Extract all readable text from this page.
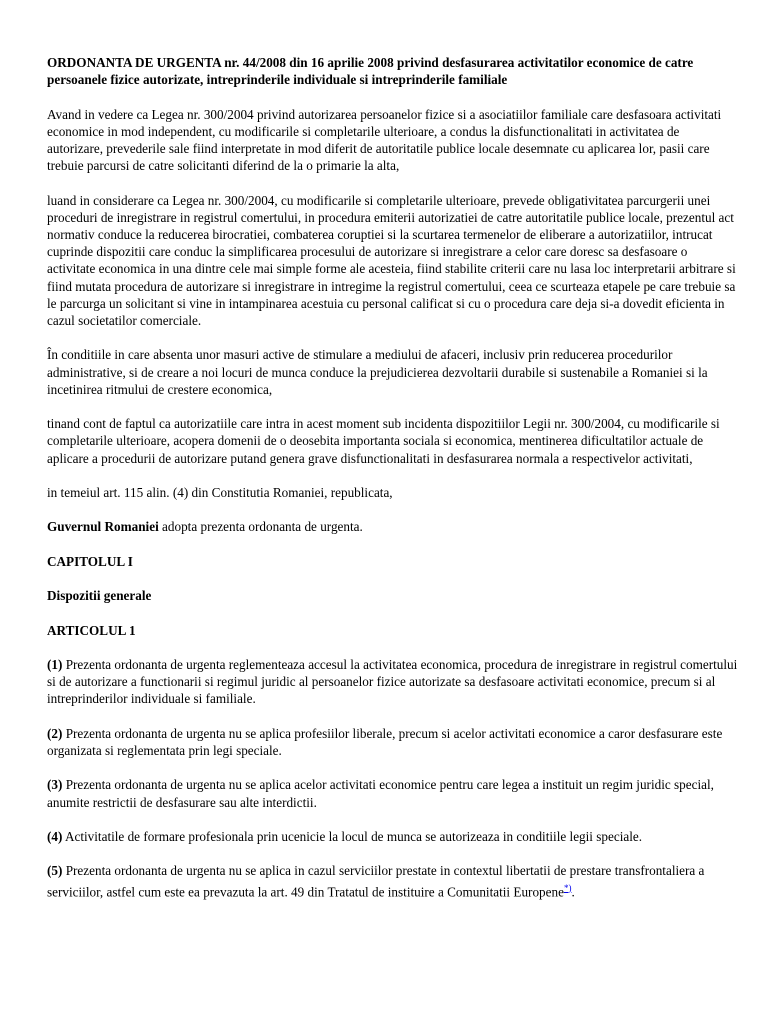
ORDONANTA DE URGENTA nr. 44/2008 din 16 aprilie 2008 privind desfasurarea activitatilor economice de catre persoanele fizice autorizate, intreprinderile individuale si intreprinderile familiale

Avand in vedere ca Legea nr. 300/2004 privind autorizarea persoanelor fizice si a asociatiilor familiale care desfasoara activitati economice in mod independent, cu modificarile si completarile ulterioare, a condus la disfunctionalitati in activitatea de autorizare, prevederile sale fiind interpretate in mod diferit de autoritatile publice locale desemnate cu aplicarea lor, pasii care trebuie parcursi de catre solicitanti diferind de la o primarie la alta,

luand in considerare ca Legea nr. 300/2004, cu modificarile si completarile ulterioare, prevede obligativitatea parcurgerii unei proceduri de inregistrare in registrul comertului, in procedura emiterii autorizatiei de catre autoritatile publice locale, prezentul act normativ conduce la reducerea birocratiei, combaterea coruptiei si la scurtarea termenelor de eliberare a autorizatiilor, intrucat cuprinde dispozitii care conduc la simplificarea procesului de autorizare si inregistrare a celor care doresc sa desfasoare o activitate economica in una dintre cele mai simple forme ale acesteia, fiind stabilite criterii care nu lasa loc interpretarii arbitrare si fiind mutata procedura de autorizare si inregistrare in intregime la registrul comertului, ceea ce scurteaza etapele pe care trebuie sa le parcurga un solicitant si vine in intampinarea acestuia cu personal calificat si cu o procedura care deja si-a dovedit eficienta in cazul societatilor comerciale.

În conditiile in care absenta unor masuri active de stimulare a mediului de afaceri, inclusiv prin reducerea procedurilor administrative, si de creare a noi locuri de munca conduce la prejudicierea dezvoltarii durabile si sustenabile a Romaniei si la incetinirea ritmului de crestere economica,

tinand cont de faptul ca autorizatiile care intra in acest moment sub incidenta dispozitiilor Legii nr. 300/2004, cu modificarile si completarile ulterioare, acopera domenii de o deosebita importanta sociala si economica, mentinerea dificultatilor actuale de aplicare a procedurii de autorizare putand genera grave disfunctionalitati in desfasurarea normala a respectivelor activitati,

in temeiul art. 115 alin. (4) din Constitutia Romaniei, republicata,

Guvernul Romaniei adopta prezenta ordonanta de urgenta.

CAPITOLUL I

Dispozitii generale

ARTICOLUL 1

(1) Prezenta ordonanta de urgenta reglementeaza accesul la activitatea economica, procedura de inregistrare in registrul comertului si de autorizare a functionarii si regimul juridic al persoanelor fizice autorizate sa desfasoare activitati economice, precum si al intreprinderilor individuale si familiale.

(2) Prezenta ordonanta de urgenta nu se aplica profesiilor liberale, precum si acelor activitati economice a caror desfasurare este organizata si reglementata prin legi speciale.

(3) Prezenta ordonanta de urgenta nu se aplica acelor activitati economice pentru care legea a instituit un regim juridic special, anumite restrictii de desfasurare sau alte interdictii.

(4) Activitatile de formare profesionala prin ucenicie la locul de munca se autorizeaza in conditiile legii speciale.

(5) Prezenta ordonanta de urgenta nu se aplica in cazul serviciilor prestate in contextul libertatii de prestare transfrontaliera a serviciilor, astfel cum este ea prevazuta la art. 49 din Tratatul de instituire a Comunitatii Europene*).
